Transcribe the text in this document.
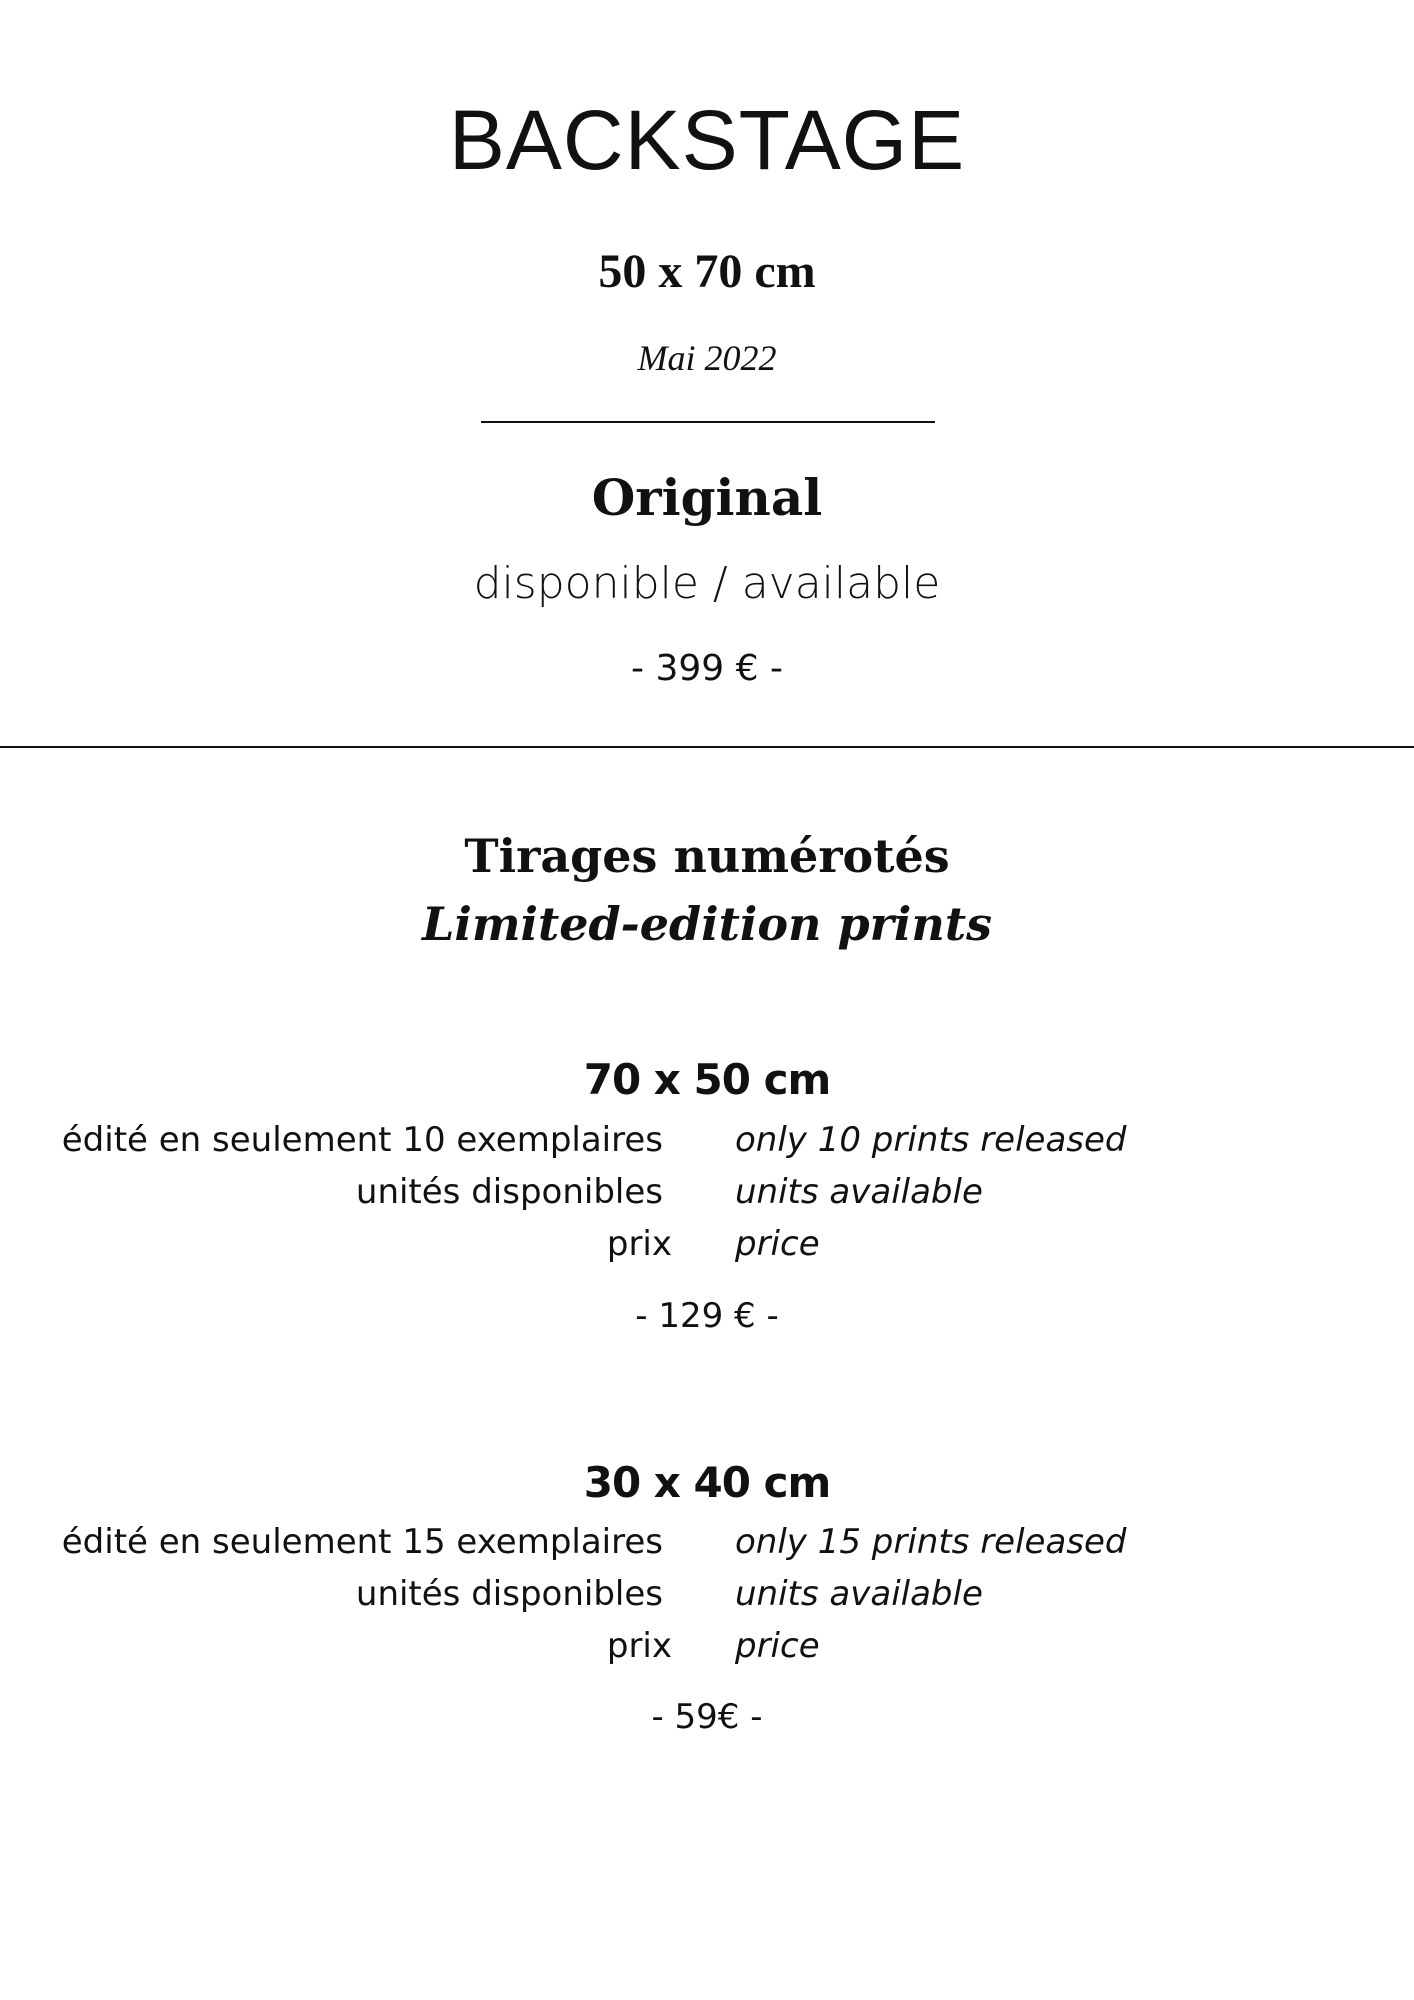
BACKSTAGE
50 x 70 cm
Mai 2022
Original
disponible / available
- 399 € -
Tirages numérotés
Limited-edition prints
70 x 50 cm
édité en seulement 10 exemplaires only 10 prints released
unités disponibles units available
prix price
- 129 € -
30 x 40 cm
édité en seulement 15 exemplaires only 15 prints released
unités disponibles units available
prix price
- 59€ -
